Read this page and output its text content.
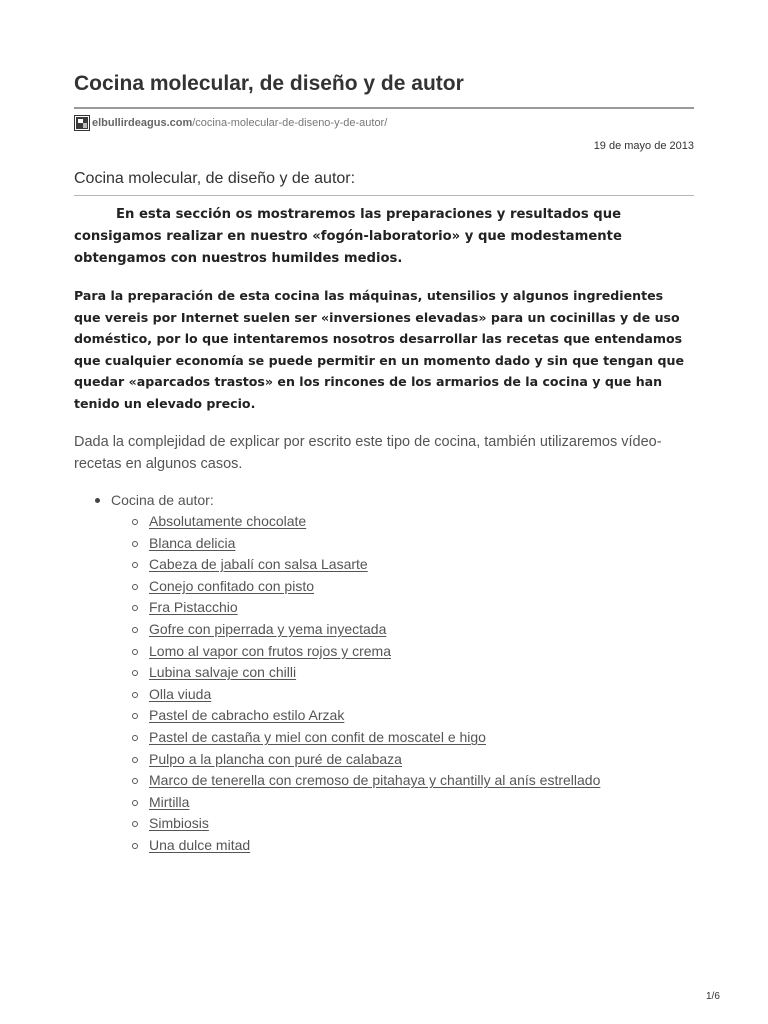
Cocina molecular, de diseño y de autor
elbullirdeagus.com /cocina-molecular-de-diseno-y-de-autor/
19 de mayo de 2013
Cocina molecular, de diseño y de autor:

En esta sección os mostraremos las preparaciones y resultados que consigamos realizar en nuestro «fogón-laboratorio» y que modestamente obtengamos con nuestros humildes medios.

Para la preparación de esta cocina las máquinas, utensilios y algunos ingredientes que vereis por Internet suelen ser «inversiones elevadas» para un cocinillas y de uso doméstico, por lo que intentaremos nosotros desarrollar las recetas que entendamos que cualquier economía se puede permitir en un momento dado y sin que tengan que quedar «aparcados trastos» en los rincones de los armarios de la cocina y que han tenido un elevado precio.

Dada la complejidad de explicar por escrito este tipo de cocina, también utilizaremos vídeo-recetas en algunos casos.

Cocina de autor:
Absolutamente chocolate
Blanca delicia
Cabeza de jabalí con salsa Lasarte
Conejo confitado con pisto
Fra Pistacchio
Gofre con piperrada y yema inyectada
Lomo al vapor con frutos rojos y crema
Lubina salvaje con chilli
Olla viuda
Pastel de cabracho estilo Arzak
Pastel de castaña y miel con confit de moscatel e higo
Pulpo a la plancha con puré de calabaza
Marco de tenerella con cremoso de pitahaya y chantilly al anís estrellado
Mirtilla
Simbiosis
Una dulce mitad
1/6
